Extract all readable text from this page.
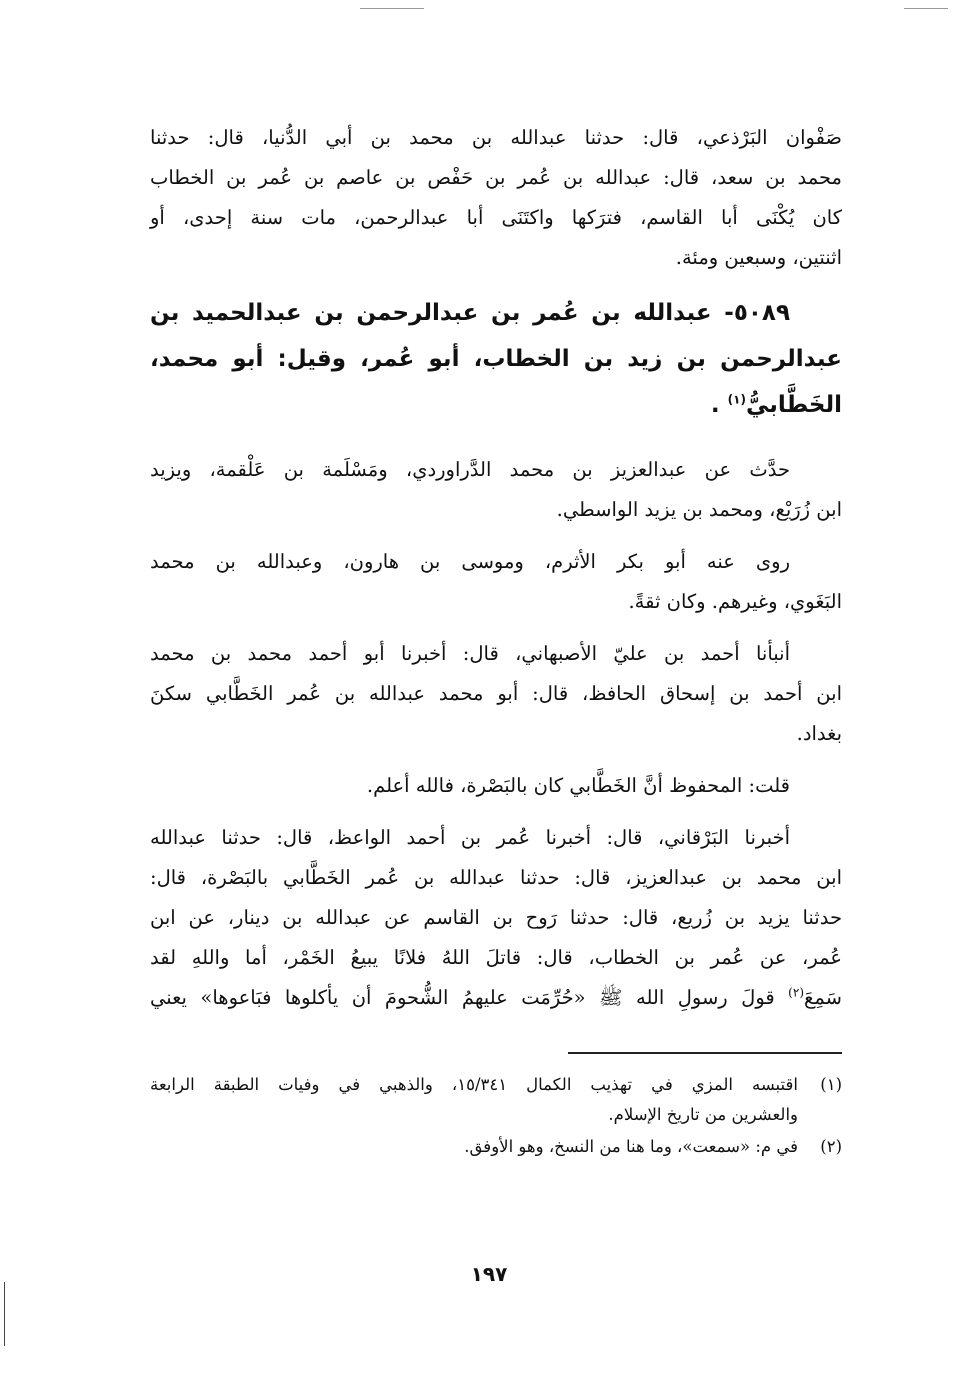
صَفْوان البَرْذعي، قال: حدثنا عبدالله بن محمد بن أبي الدُّنيا، قال: حدثنا
محمد بن سعد، قال: عبدالله بن عُمر بن حَفْص بن عاصم بن عُمر بن الخطاب
كان يُكْنَى أبا القاسم، فترَكها واكتَنَى أبا عبدالرحمن، مات سنة إحدى، أو
اثنتين، وسبعين ومئة.
٥٠٨٩- عبدالله بن عُمر بن عبدالرحمن بن عبدالحميد بن
عبدالرحمن بن زيد بن الخطاب، أبو عُمر، وقيل: أبو محمد،
الخَطَّابيُّ$^{(١)}$ .
حدَّث عن عبدالعزيز بن محمد الدَّراوردي، ومَسْلَمة بن عَلْقمة، ويزيد
ابن زُرَيْع، ومحمد بن يزيد الواسطي.
روى عنه أبو بكر الأثرم، وموسى بن هارون، وعبدالله بن محمد
البَغَوي، وغيرهم. وكان ثقةً.
أنبأنا أحمد بن عليّ الأصبهاني، قال: أخبرنا أبو أحمد محمد بن محمد
ابن أحمد بن إسحاق الحافظ، قال: أبو محمد عبدالله بن عُمر الخَطَّابي سكنَ
بغداد.
قلت: المحفوظ أنَّ الخَطَّابي كان بالبَصْرة، فالله أعلم.
أخبرنا البَرْقاني، قال: أخبرنا عُمر بن أحمد الواعظ، قال: حدثنا عبدالله
ابن محمد بن عبدالعزيز، قال: حدثنا عبدالله بن عُمر الخَطَّابي بالبَصْرة، قال:
حدثنا يزيد بن زُريع، قال: حدثنا رَوح بن القاسم عن عبدالله بن دينار، عن ابن
عُمر، عن عُمر بن الخطاب، قال: قاتلَ اللهُ فلانًا يبيعُ الخَمْر، أما واللهِ لقد
سَمِعَ$^{(٢)}$ قولَ رسولِ الله ﷺ «حُرِّمَت عليهمُ الشُّحومَ أن يأكلوها فبَاعوها» يعني
(١)
اقتبسه المزي في تهذيب الكمال ١٥/٣٤١، والذهبي في وفيات الطبقة الرابعة
والعشرين من تاريخ الإسلام.
(٢)
في م: «سمعت»، وما هنا من النسخ، وهو الأوفق.
١٩٧
